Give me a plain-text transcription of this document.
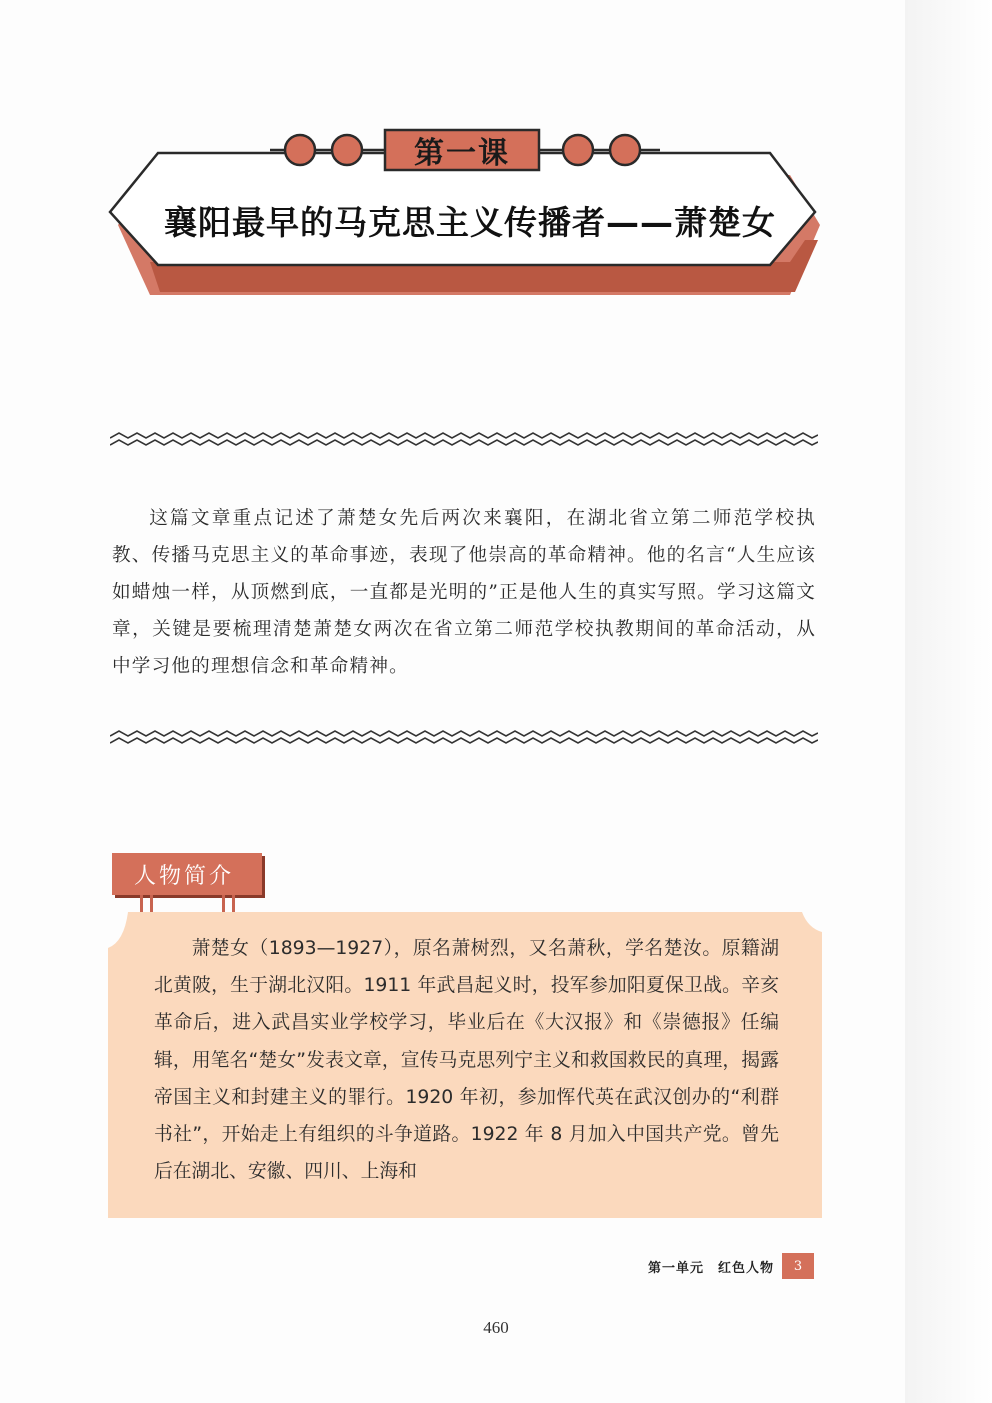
第一课
襄阳最早的马克思主义传播者——萧楚女

这篇文章重点记述了萧楚女先后两次来襄阳，在湖北省立第二师范学校执教、传播马克思主义的革命事迹，表现了他崇高的革命精神。他的名言“人生应该如蜡烛一样，从顶燃到底，一直都是光明的”正是他人生的真实写照。学习这篇文章，关键是要梳理清楚萧楚女两次在省立第二师范学校执教期间的革命活动，从中学习他的理想信念和革命精神。

人物简介

萧楚女（1893—1927），原名萧树烈，又名萧秋，学名楚汝。原籍湖北黄陂，生于湖北汉阳。1911 年武昌起义时，投军参加阳夏保卫战。辛亥革命后，进入武昌实业学校学习，毕业后在《大汉报》和《崇德报》任编辑，用笔名“楚女”发表文章，宣传马克思列宁主义和救国救民的真理，揭露帝国主义和封建主义的罪行。1920 年初，参加恽代英在武汉创办的“利群书社”，开始走上有组织的斗争道路。1922 年 8 月加入中国共产党。曾先后在湖北、安徽、四川、上海和

第一单元　红色人物	3
460
